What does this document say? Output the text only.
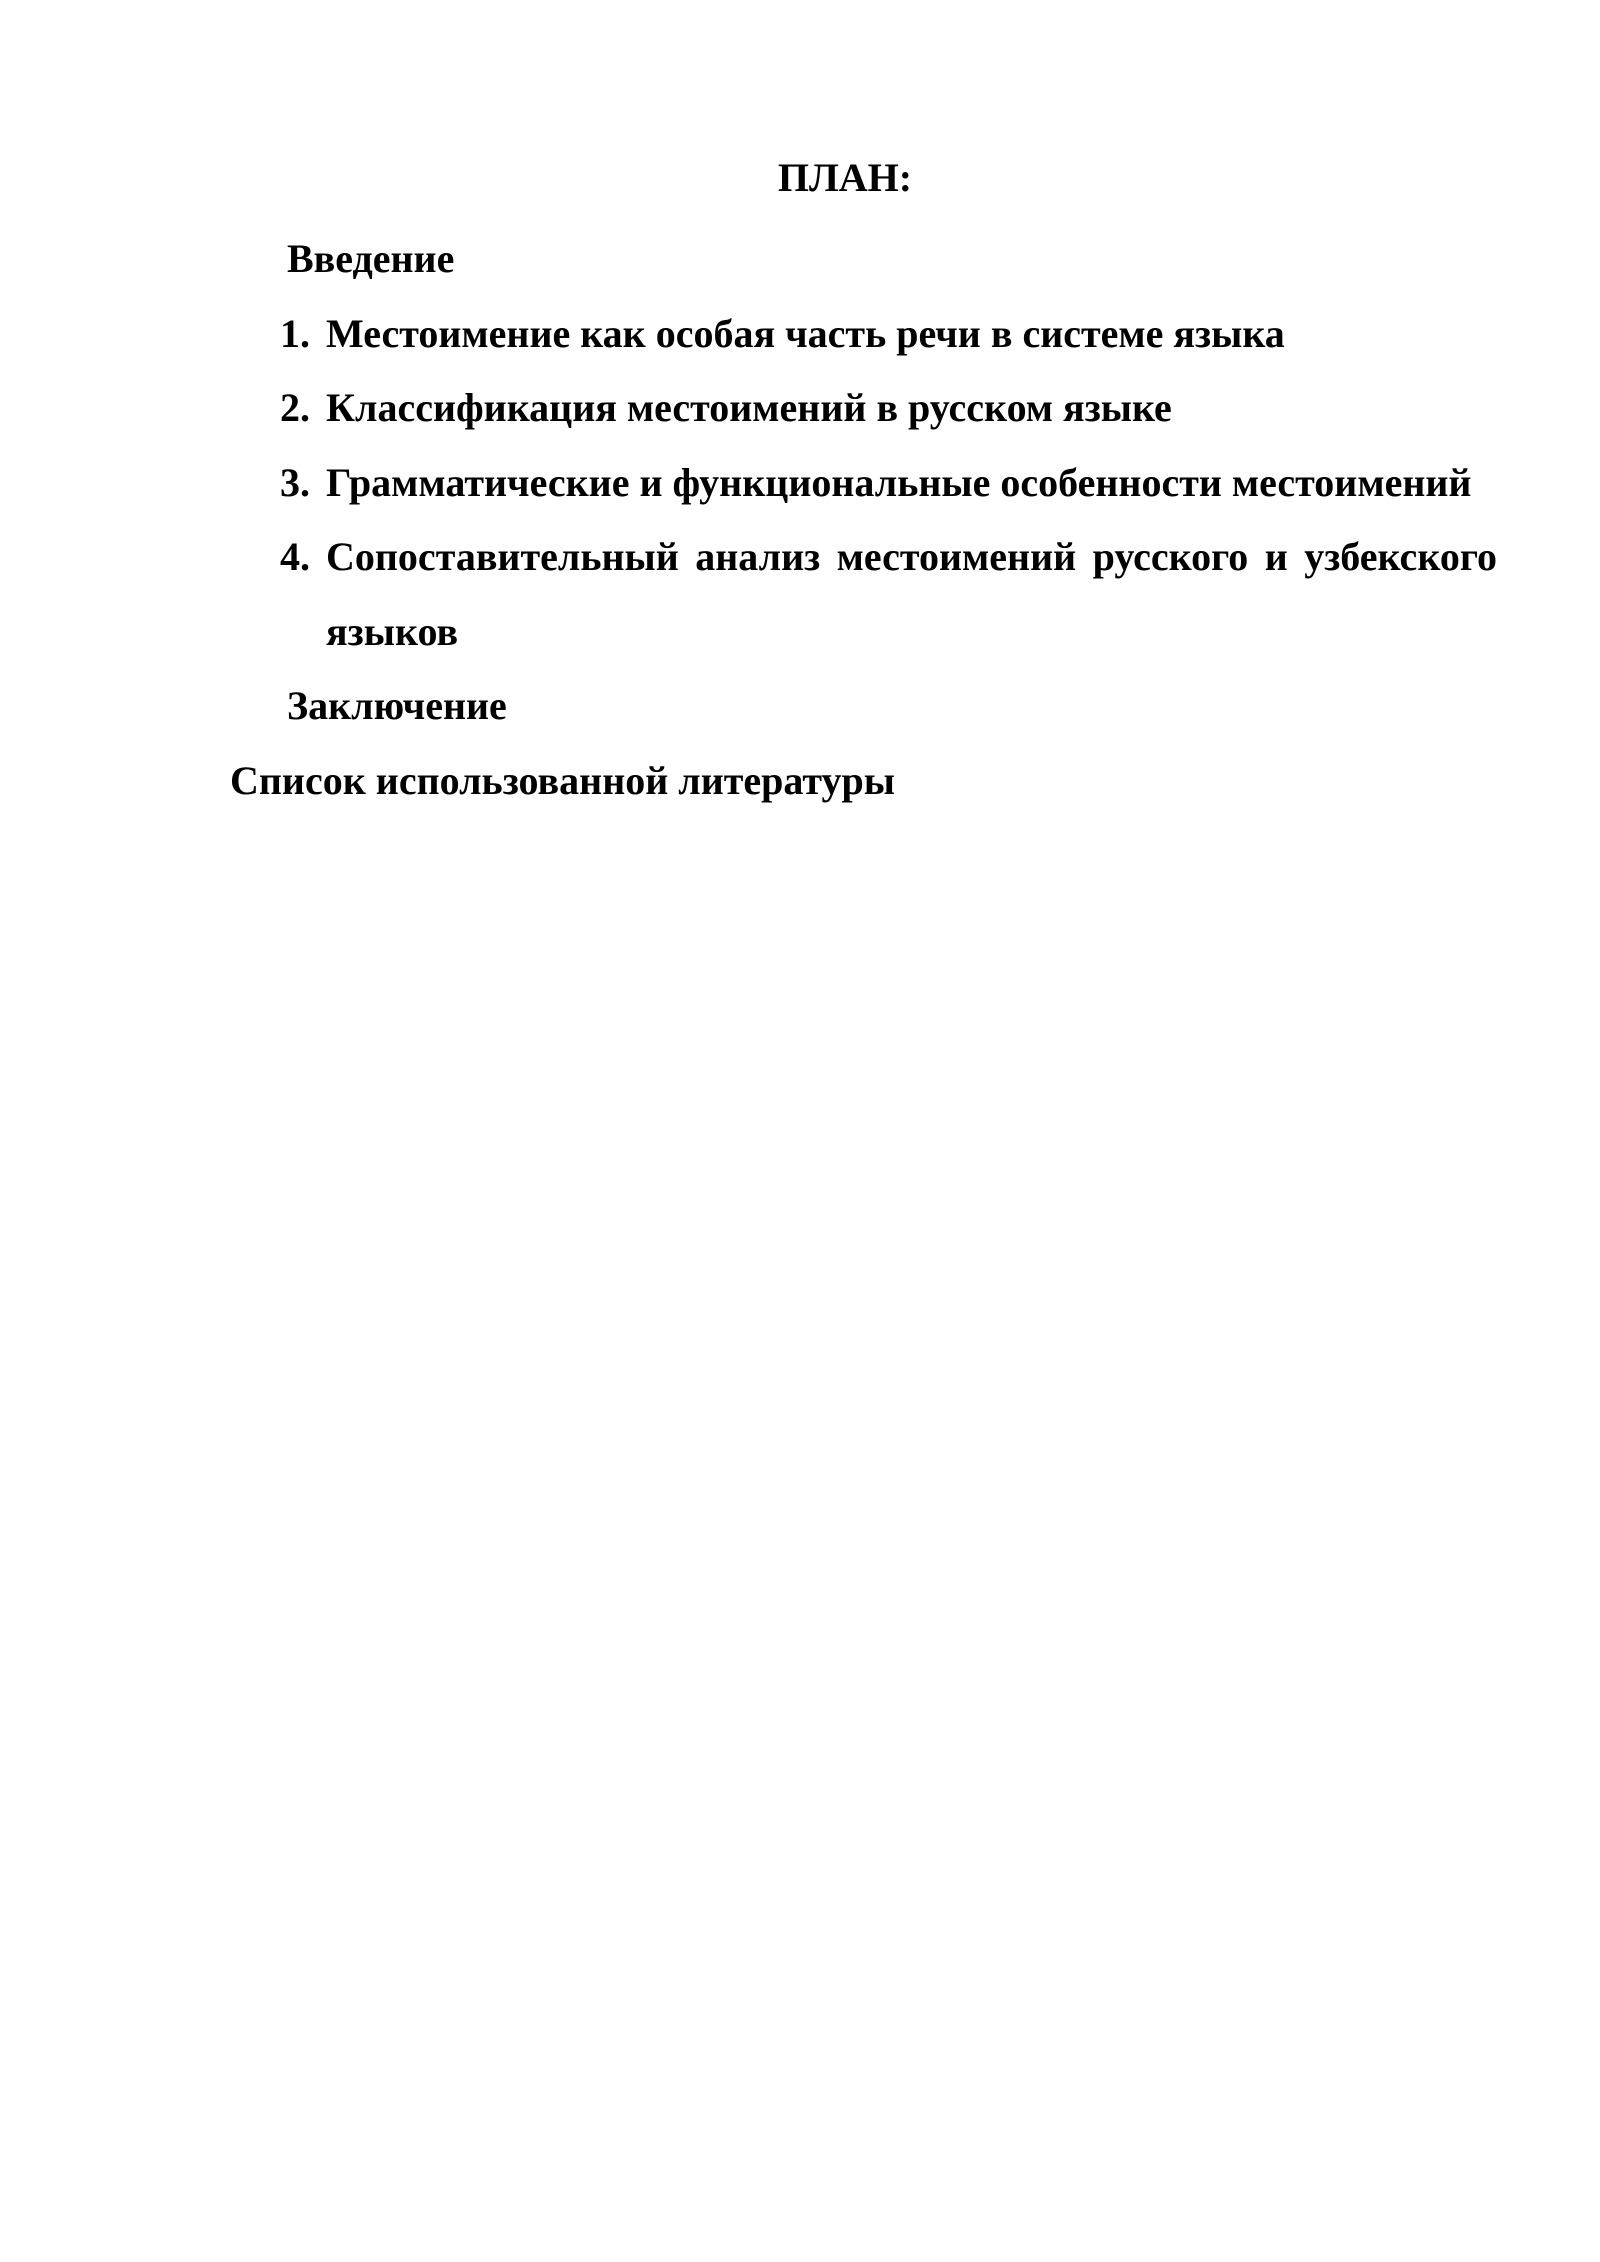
ПЛАН:
Введение
1. Местоимение как особая часть речи в системе языка
2. Классификация местоимений в русском языке
3. Грамматические и функциональные особенности местоимений
4. Сопоставительный анализ местоимений русского и узбекского языков
Заключение
Список использованной литературы
